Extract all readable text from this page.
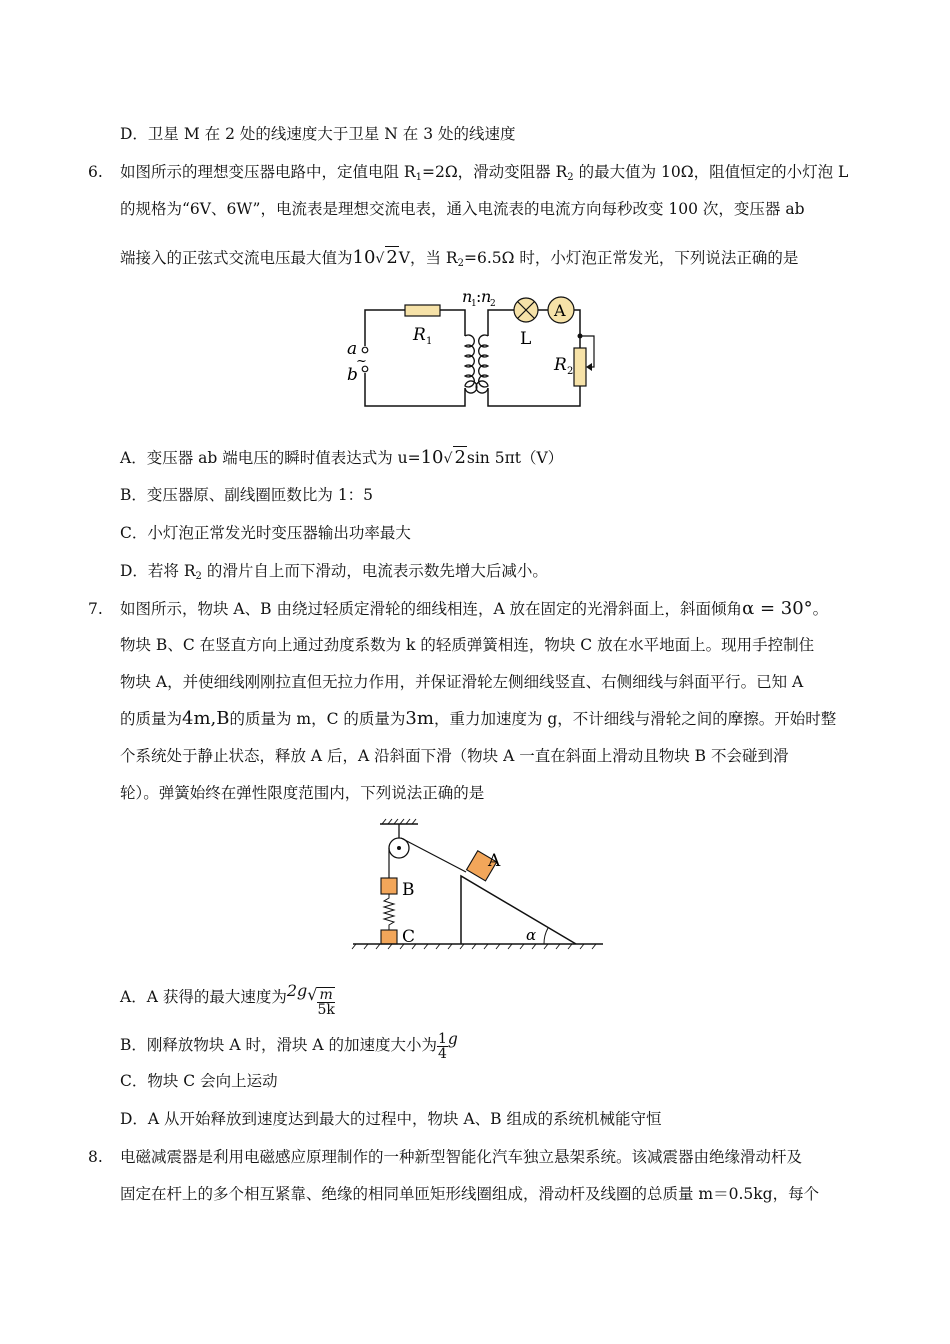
D．卫星 M 在 2 处的线速度大于卫星 N 在 3 处的线速度
6. 如图所示的理想变压器电路中，定值电阻 $R_1=2\Omega$，滑动变阻器 $R_2$ 的最大值为 10Ω，阻值恒定的小灯泡 L
的规格为“6V、6W”，电流表是理想交流电表，通入电流表的电流方向每秒改变 100 次，变压器 ab
端接入的正弦式交流电压最大值为10√ 2V，当 $R_2=6.5\Omega$ 时，小灯泡正常发光，下列说法正确的是
a
b
~
R 1
n
1 : n
2
L
A
R 2
A．变压器 ab 端电压的瞬时值表达式为 u=10√ 2sin 5πt（V）
B．变压器原、副线圈匝数比为 1：5
C．小灯泡正常发光时变压器输出功率最大
D．若将 $R_2$ 的滑片自上而下滑动，电流表示数先增大后减小。
7. 如图所示，物块 A、B 由绕过轻质定滑轮的细线相连，A 放在固定的光滑斜面上，斜面倾角α = 30°。
物块 B、C 在竖直方向上通过劲度系数为 k 的轻质弹簧相连，物块 C 放在水平地面上。现用手控制住
物块 A，并使细线刚刚拉直但无拉力作用，并保证滑轮左侧细线竖直、右侧细线与斜面平行。已知 A
的质量为4m,B的质量为 m，C 的质量为3m，重力加速度为 g，不计细线与滑轮之间的摩擦。开始时整
个系统处于静止状态，释放 A 后，A 沿斜面下滑（物块 A 一直在斜面上滑动且物块 B 不会碰到滑
轮）。弹簧始终在弹性限度范围内，下列说法正确的是
A
B
C	α
A．A 获得的最大速度为$2g√ \frac{m}{5k}$
B．刚释放物块 A 时，滑块 A 的加速度大小为 $\frac{1}{4}$ g
C．物块 C 会向上运动
D．A 从开始释放到速度达到最大的过程中，物块 A、B 组成的系统机械能守恒
8. 电磁减震器是利用电磁感应原理制作的一种新型智能化汽车独立悬架系统。该减震器由绝缘滑动杆及
固定在杆上的多个相互紧靠、绝缘的相同单匝矩形线圈组成，滑动杆及线圈的总质量 m＝0.5kg，每个
